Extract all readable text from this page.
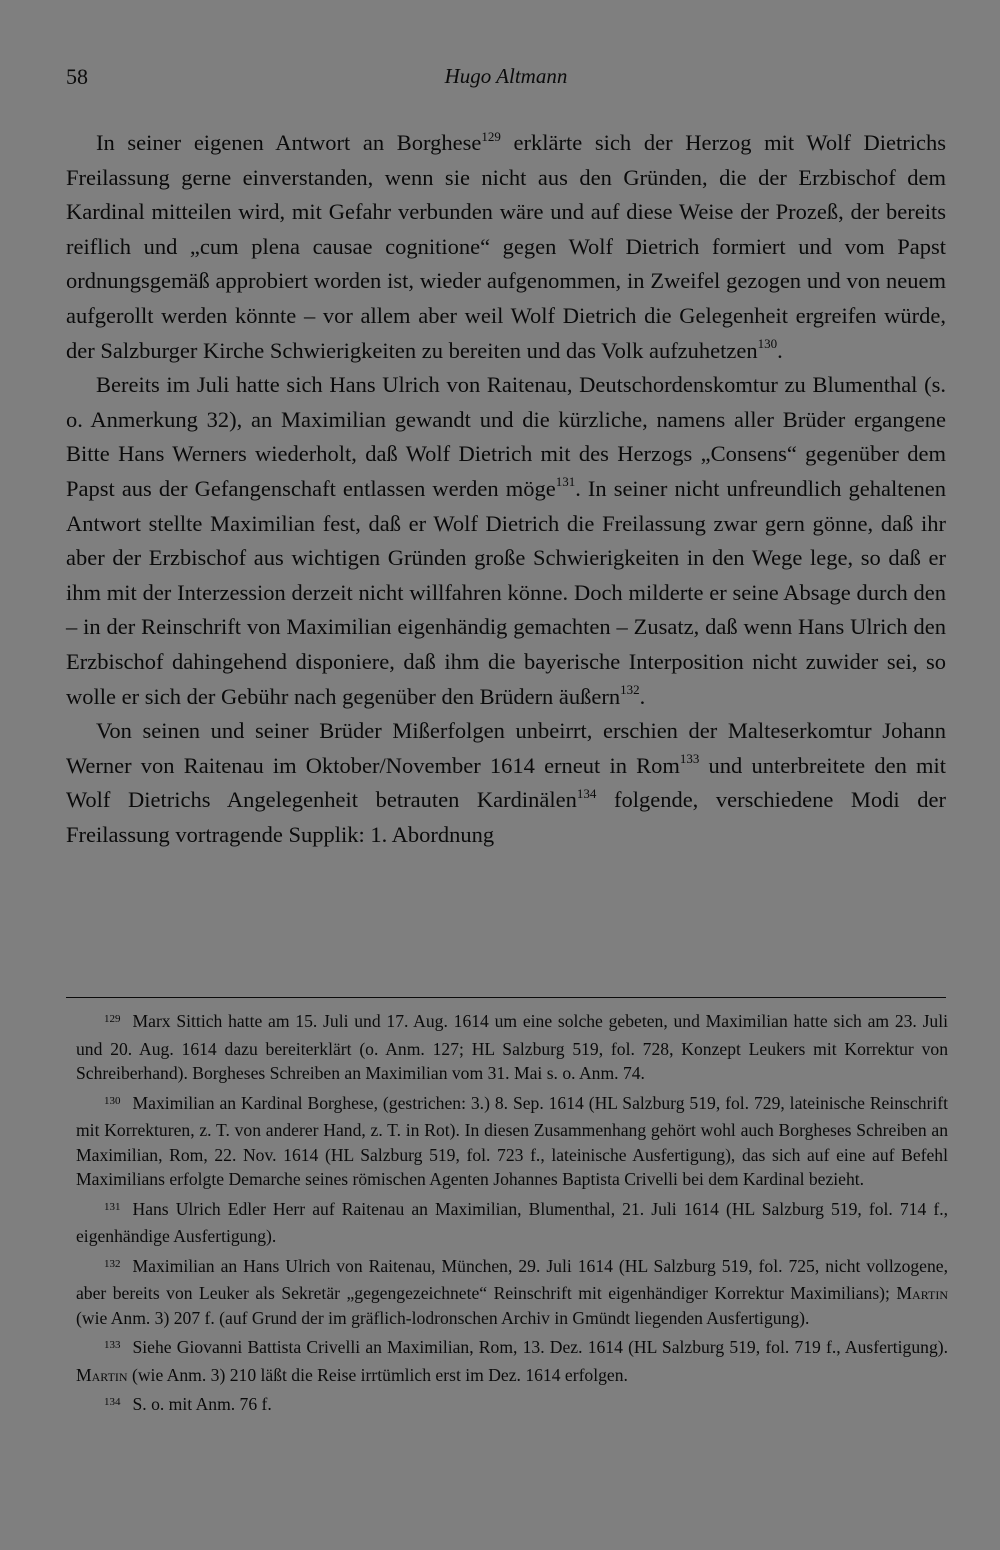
58	Hugo Altmann

In seiner eigenen Antwort an Borghese$^{129}$ erklärte sich der Herzog mit Wolf Dietrichs Freilassung gerne einverstanden, wenn sie nicht aus den Gründen, die der Erzbischof dem Kardinal mitteilen wird, mit Gefahr verbunden wäre und auf diese Weise der Prozeß, der bereits reiflich und „cum plena causae cognitione“ gegen Wolf Dietrich formiert und vom Papst ordnungsgemäß approbiert worden ist, wieder aufgenommen, in Zweifel gezogen und von neuem aufgerollt werden könnte – vor allem aber weil Wolf Dietrich die Gelegenheit ergreifen würde, der Salzburger Kirche Schwierigkeiten zu bereiten und das Volk aufzuhetzen$^{130}$.

Bereits im Juli hatte sich Hans Ulrich von Raitenau, Deutschordenskomtur zu Blumenthal (s. o. Anmerkung 32), an Maximilian gewandt und die kürzliche, namens aller Brüder ergangene Bitte Hans Werners wiederholt, daß Wolf Dietrich mit des Herzogs „Consens“ gegenüber dem Papst aus der Gefangenschaft entlassen werden möge$^{131}$. In seiner nicht unfreundlich gehaltenen Antwort stellte Maximilian fest, daß er Wolf Dietrich die Freilassung zwar gern gönne, daß ihr aber der Erzbischof aus wichtigen Gründen große Schwierigkeiten in den Wege lege, so daß er ihm mit der Interzession derzeit nicht willfahren könne. Doch milderte er seine Absage durch den – in der Reinschrift von Maximilian eigenhändig gemachten – Zusatz, daß wenn Hans Ulrich den Erzbischof dahingehend disponiere, daß ihm die bayerische Interposition nicht zuwider sei, so wolle er sich der Gebühr nach gegenüber den Brüdern äußern$^{132}$.

Von seinen und seiner Brüder Mißerfolgen unbeirrt, erschien der Malteserkomtur Johann Werner von Raitenau im Oktober/November 1614 erneut in Rom$^{133}$ und unterbreitete den mit Wolf Dietrichs Angelegenheit betrauten Kardinälen$^{134}$ folgende, verschiedene Modi der Freilassung vortragende Supplik: 1. Abordnung

$^{129}$ Marx Sittich hatte am 15. Juli und 17. Aug. 1614 um eine solche gebeten, und Maximilian hatte sich am 23. Juli und 20. Aug. 1614 dazu bereiterklärt (o. Anm. 127; HL Salzburg 519, fol. 728, Konzept Leukers mit Korrektur von Schreiberhand). Borgheses Schreiben an Maximilian vom 31. Mai s. o. Anm. 74.

$^{130}$ Maximilian an Kardinal Borghese, (gestrichen: 3.) 8. Sep. 1614 (HL Salzburg 519, fol. 729, lateinische Reinschrift mit Korrekturen, z. T. von anderer Hand, z. T. in Rot). In diesen Zusammenhang gehört wohl auch Borgheses Schreiben an Maximilian, Rom, 22. Nov. 1614 (HL Salzburg 519, fol. 723 f., lateinische Ausfertigung), das sich auf eine auf Befehl Maximilians erfolgte Demarche seines römischen Agenten Johannes Baptista Crivelli bei dem Kardinal bezieht.

$^{131}$ Hans Ulrich Edler Herr auf Raitenau an Maximilian, Blumenthal, 21. Juli 1614 (HL Salzburg 519, fol. 714 f., eigenhändige Ausfertigung).

$^{132}$ Maximilian an Hans Ulrich von Raitenau, München, 29. Juli 1614 (HL Salzburg 519, fol. 725, nicht vollzogene, aber bereits von Leuker als Sekretär „gegengezeichnete“ Reinschrift mit eigenhändiger Korrektur Maximilians); Martin (wie Anm. 3) 207 f. (auf Grund der im gräflich-lodronschen Archiv in Gmündt liegenden Ausfertigung).

$^{133}$ Siehe Giovanni Battista Crivelli an Maximilian, Rom, 13. Dez. 1614 (HL Salzburg 519, fol. 719 f., Ausfertigung). Martin (wie Anm. 3) 210 läßt die Reise irrtümlich erst im Dez. 1614 erfolgen.

$^{134}$ S. o. mit Anm. 76 f.
